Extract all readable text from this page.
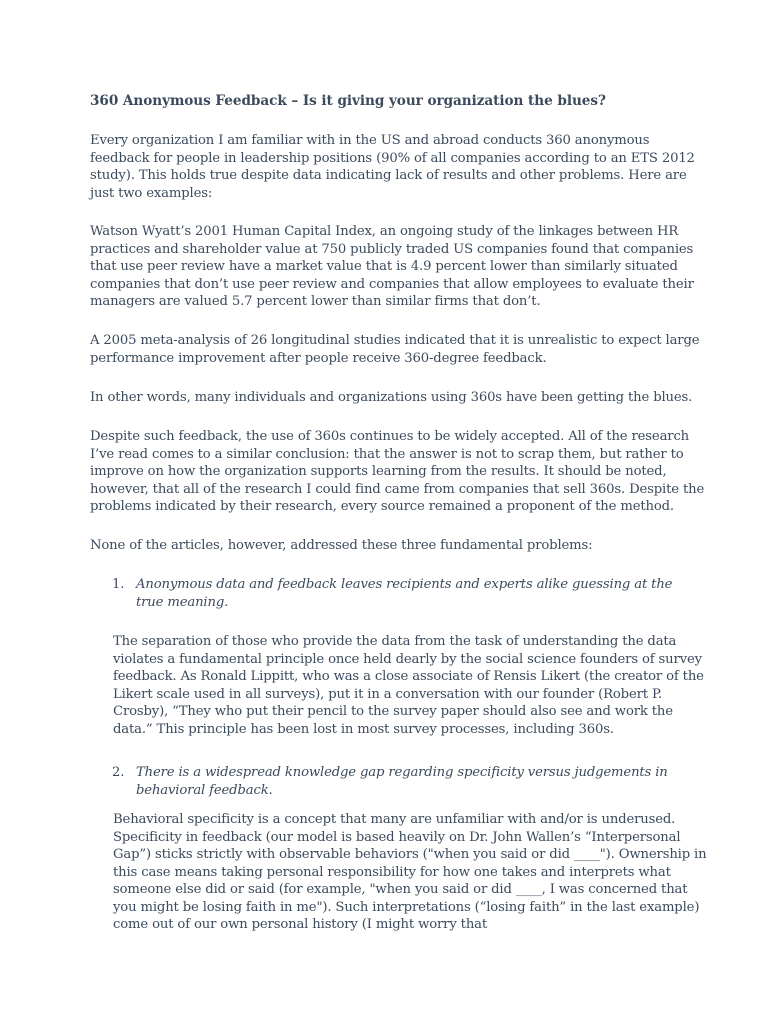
360 Anonymous Feedback – Is it giving your organization the blues?

Every organization I am familiar with in the US and abroad conducts 360 anonymous feedback for people in leadership positions (90% of all companies according to an ETS 2012 study). This holds true despite data indicating lack of results and other problems. Here are just two examples:

Watson Wyatt’s 2001 Human Capital Index, an ongoing study of the linkages between HR practices and shareholder value at 750 publicly traded US companies found that companies that use peer review have a market value that is 4.9 percent lower than similarly situated companies that don’t use peer review and companies that allow employees to evaluate their managers are valued 5.7 percent lower than similar firms that don’t.

A 2005 meta-analysis of 26 longitudinal studies indicated that it is unrealistic to expect large performance improvement after people receive 360-degree feedback.

In other words, many individuals and organizations using 360s have been getting the blues.

Despite such feedback, the use of 360s continues to be widely accepted. All of the research I’ve read comes to a similar conclusion: that the answer is not to scrap them, but rather to improve on how the organization supports learning from the results. It should be noted, however, that all of the research I could find came from companies that sell 360s. Despite the problems indicated by their research, every source remained a proponent of the method.

None of the articles, however, addressed these three fundamental problems:

1. Anonymous data and feedback leaves recipients and experts alike guessing at the true meaning.

The separation of those who provide the data from the task of understanding the data violates a fundamental principle once held dearly by the social science founders of survey feedback. As Ronald Lippitt, who was a close associate of Rensis Likert (the creator of the Likert scale used in all surveys), put it in a conversation with our founder (Robert P. Crosby), “They who put their pencil to the survey paper should also see and work the data.” This principle has been lost in most survey processes, including 360s.

2. There is a widespread knowledge gap regarding specificity versus judgements in behavioral feedback.

Behavioral specificity is a concept that many are unfamiliar with and/or is underused. Specificity in feedback (our model is based heavily on Dr. John Wallen’s “Interpersonal Gap”) sticks strictly with observable behaviors ("when you said or did ____"). Ownership in this case means taking personal responsibility for how one takes and interprets what someone else did or said (for example, "when you said or did ____, I was concerned that you might be losing faith in me"). Such interpretations (“losing faith” in the last example) come out of our own personal history (I might worry that
